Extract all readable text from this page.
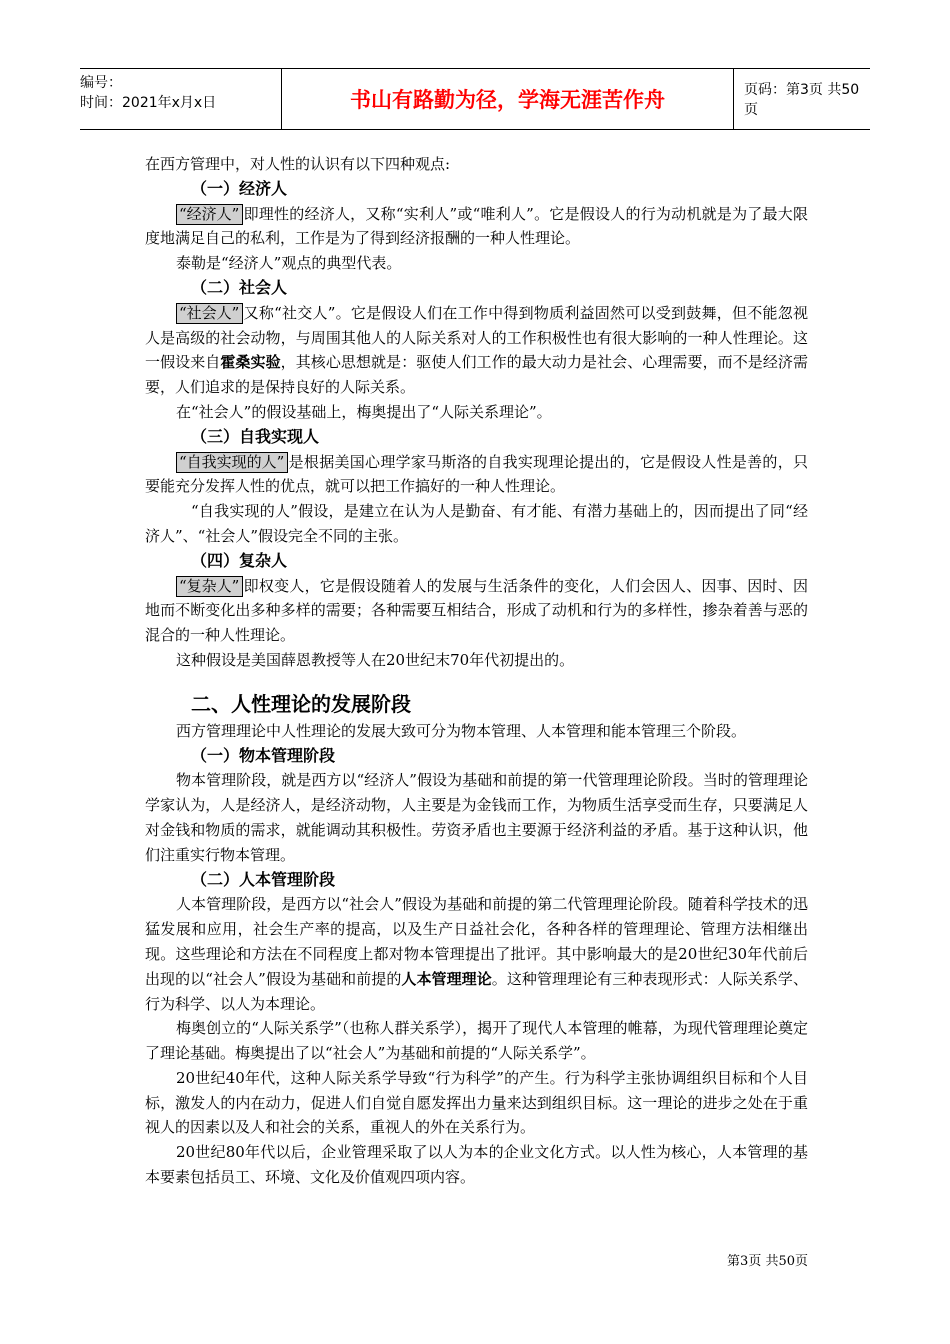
编号：
时间：2021年x月x日	书山有路勤为径，学海无涯苦作舟	页码：第3页 共50页

在西方管理中，对人性的认识有以下四种观点:

（一）经济人

“经济人” 即理性的经济人，又称“实利人”或“唯利人”。它是假设人的行为动机就是为了最大限度地满足自己的私利，工作是为了得到经济报酬的一种人性理论。

泰勒是“经济人”观点的典型代表。

（二）社会人

“社会人” 又称“社交人”。它是假设人们在工作中得到物质利益固然可以受到鼓舞，但不能忽视人是高级的社会动物，与周围其他人的人际关系对人的工作积极性也有很大影响的一种人性理论。这一假设来自霍桑实验，其核心思想就是：驱使人们工作的最大动力是社会、心理需要，而不是经济需要，人们追求的是保持良好的人际关系。

在“社会人”的假设基础上，梅奥提出了“人际关系理论”。

（三）自我实现人

“自我实现的人” 是根据美国心理学家马斯洛的自我实现理论提出的，它是假设人性是善的，只要能充分发挥人性的优点，就可以把工作搞好的一种人性理论。

“自我实现的人”假设，是建立在认为人是勤奋、有才能、有潜力基础上的，因而提出了同“经济人”、“社会人”假设完全不同的主张。

（四）复杂人

“复杂人” 即权变人，它是假设随着人的发展与生活条件的变化，人们会因人、因事、因时、因地而不断变化出多种多样的需要；各种需要互相结合，形成了动机和行为的多样性，掺杂着善与恶的混合的一种人性理论。

这种假设是美国薛恩教授等人在20世纪末70年代初提出的。

二、人性理论的发展阶段

西方管理理论中人性理论的发展大致可分为物本管理、人本管理和能本管理三个阶段。

（一）物本管理阶段

物本管理阶段，就是西方以“经济人”假设为基础和前提的第一代管理理论阶段。当时的管理理论学家认为，人是经济人，是经济动物，人主要是为金钱而工作，为物质生活享受而生存，只要满足人对金钱和物质的需求，就能调动其积极性。劳资矛盾也主要源于经济利益的矛盾。基于这种认识，他们注重实行物本管理。

（二）人本管理阶段

人本管理阶段，是西方以“社会人”假设为基础和前提的第二代管理理论阶段。随着科学技术的迅猛发展和应用，社会生产率的提高，以及生产日益社会化，各种各样的管理理论、管理方法相继出现。这些理论和方法在不同程度上都对物本管理提出了批评。其中影响最大的是20世纪30年代前后出现的以“社会人”假设为基础和前提的人本管理理论。这种管理理论有三种表现形式：人际关系学、行为科学、以人为本理论。

梅奥创立的“人际关系学”（也称人群关系学），揭开了现代人本管理的帷幕，为现代管理理论奠定了理论基础。梅奥提出了以“社会人”为基础和前提的“人际关系学”。

20世纪40年代，这种人际关系学导致“行为科学”的产生。行为科学主张协调组织目标和个人目标，激发人的内在动力，促进人们自觉自愿发挥出力量来达到组织目标。这一理论的进步之处在于重视人的因素以及人和社会的关系，重视人的外在关系行为。

20世纪80年代以后，企业管理采取了以人为本的企业文化方式。以人性为核心，人本管理的基本要素包括员工、环境、文化及价值观四项内容。

第3页 共50页
